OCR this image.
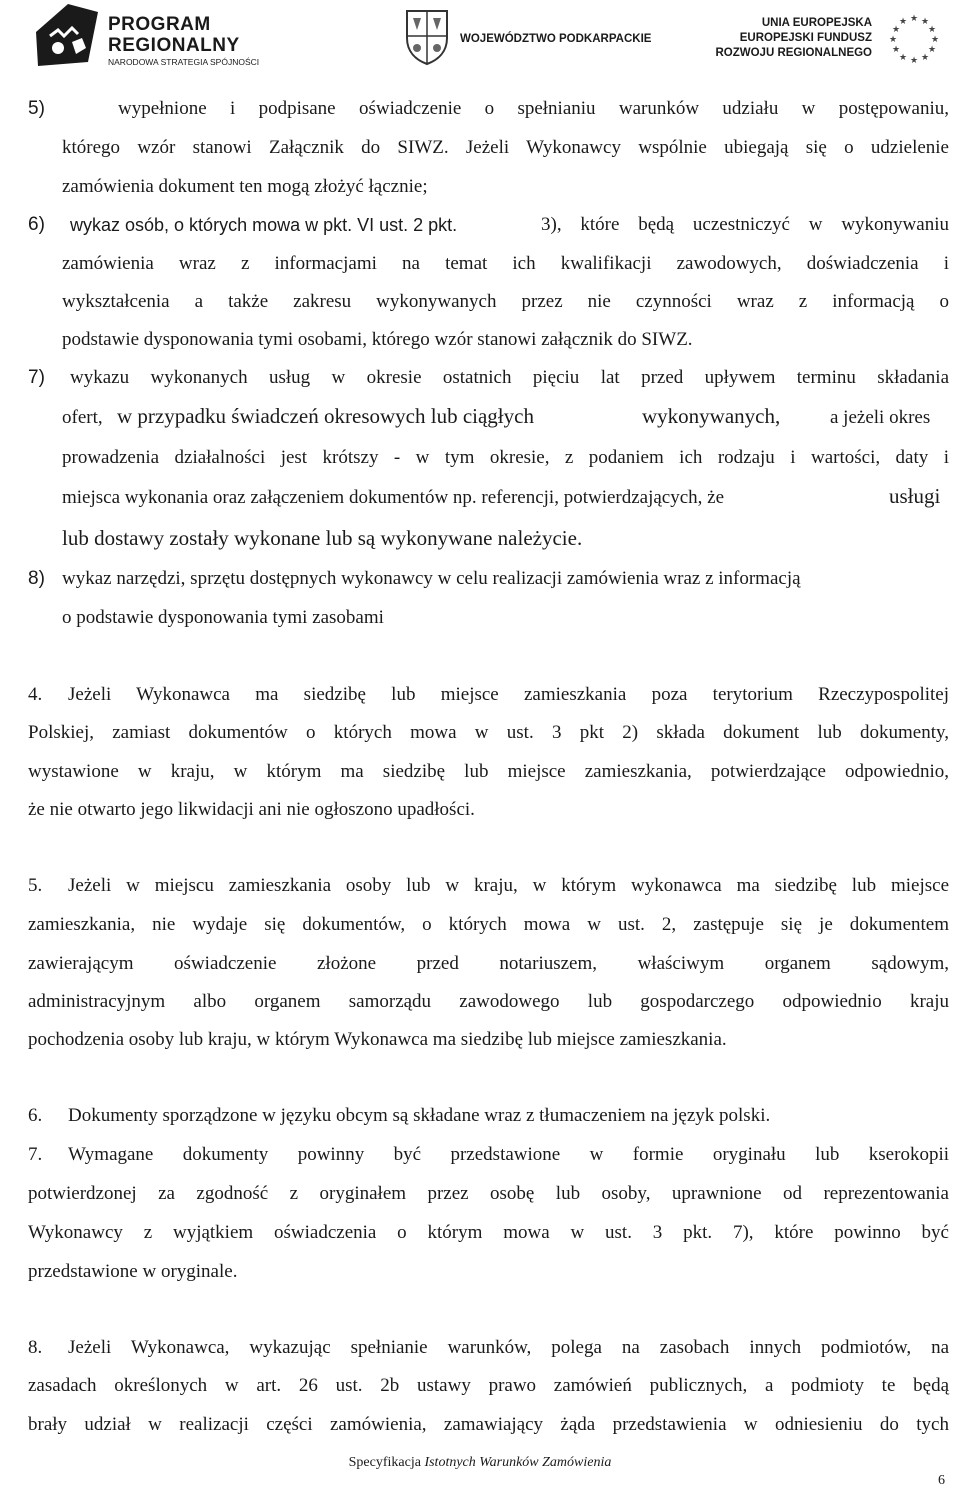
PROGRAM
REGIONALNY
NARODOWA STRATEGIA SPÓJNOŚCI
WOJEWÓDZTWO PODKARPACKIE
UNIA EUROPEJSKA
EUROPEJSKI FUNDUSZ
ROZWOJU REGIONALNEGO
★ ★
★
★
★
★
★
★
★
★
★
★
5)	wypełnione i podpisane oświadczenie o spełnianiu warunków udziału w postępowaniu,
którego wzór stanowi Załącznik do SIWZ. Jeżeli Wykonawcy wspólnie ubiegają się o udzielenie
zamówienia dokument ten mogą złożyć łącznie;
6) wykaz osób, o których mowa w pkt. VI ust. 2 pkt.	3), które będą uczestniczyć w wykonywaniu
zamówienia wraz z informacjami na temat ich kwalifikacji zawodowych, doświadczenia i
wykształcenia a także zakresu wykonywanych przez nie czynności wraz z informacją o
podstawie dysponowania tymi osobami, którego wzór stanowi załącznik do SIWZ.
7) wykazu wykonanych usług w okresie ostatnich pięciu lat przed upływem terminu składania
ofert, w przypadku świadczeń okresowych lub ciągłych	wykonywanych,	a jeżeli okres
prowadzenia działalności jest krótszy - w tym okresie, z podaniem ich rodzaju i wartości, daty i
miejsca wykonania oraz załączeniem dokumentów np. referencji, potwierdzających, że	usługi
lub dostawy zostały wykonane lub są wykonywane należycie.
8) wykaz narzędzi, sprzętu dostępnych wykonawcy w celu realizacji zamówienia wraz z informacją
o podstawie dysponowania tymi zasobami
4. Jeżeli Wykonawca ma siedzibę lub miejsce zamieszkania poza terytorium Rzeczypospolitej
Polskiej, zamiast dokumentów o których mowa w ust. 3 pkt 2) składa dokument lub dokumenty,
wystawione w kraju, w którym ma siedzibę lub miejsce zamieszkania, potwierdzające odpowiednio,
że nie otwarto jego likwidacji ani nie ogłoszono upadłości.
5. Jeżeli w miejscu zamieszkania osoby lub w kraju, w którym wykonawca ma siedzibę lub miejsce
zamieszkania, nie wydaje się dokumentów, o których mowa w ust. 2, zastępuje się je dokumentem
zawierającym oświadczenie złożone przed notariuszem, właściwym organem sądowym,
administracyjnym albo organem samorządu zawodowego lub gospodarczego odpowiednio kraju
pochodzenia osoby lub kraju, w którym Wykonawca ma siedzibę lub miejsce zamieszkania.
6. Dokumenty sporządzone w języku obcym są składane wraz z tłumaczeniem na język polski.
7. Wymagane dokumenty powinny być przedstawione w formie oryginału lub kserokopii
potwierdzonej za zgodność z oryginałem przez osobę lub osoby, uprawnione od reprezentowania
Wykonawcy z wyjątkiem oświadczenia o którym mowa w ust. 3 pkt. 7), które powinno być
przedstawione w oryginale.
8. Jeżeli Wykonawca, wykazując spełnianie warunków, polega na zasobach innych podmiotów, na
zasadach określonych w art. 26 ust. 2b ustawy prawo zamówień publicznych, a podmioty te będą
brały udział w realizacji części zamówienia, zamawiający żąda przedstawienia w odniesieniu do tych
Specyfikacja Istotnych Warunków Zamówienia
6
